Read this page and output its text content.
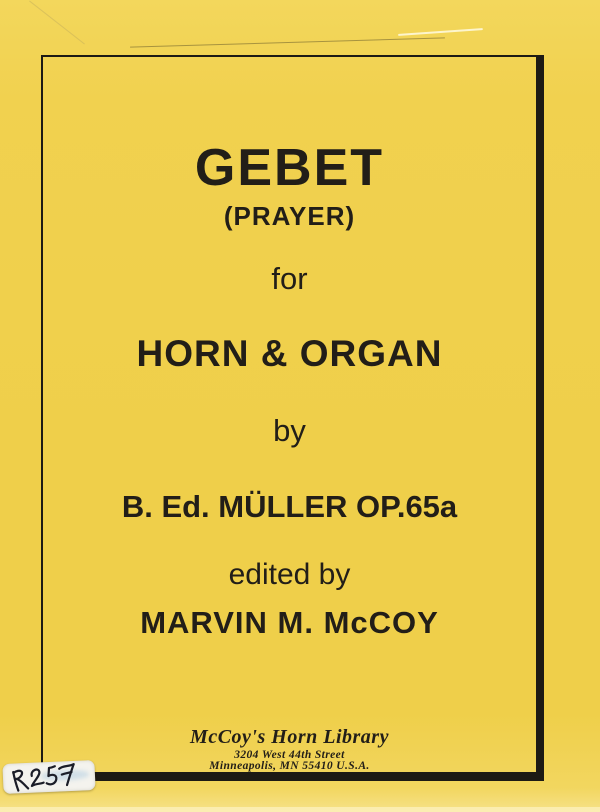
GEBET
(PRAYER)
for
HORN & ORGAN
by
B. Ed. MÜLLER OP.65a
edited by
MARVIN M. McCOY
McCoy's Horn Library
3204 West 44th Street
Minneapolis, MN 55410 U.S.A.
